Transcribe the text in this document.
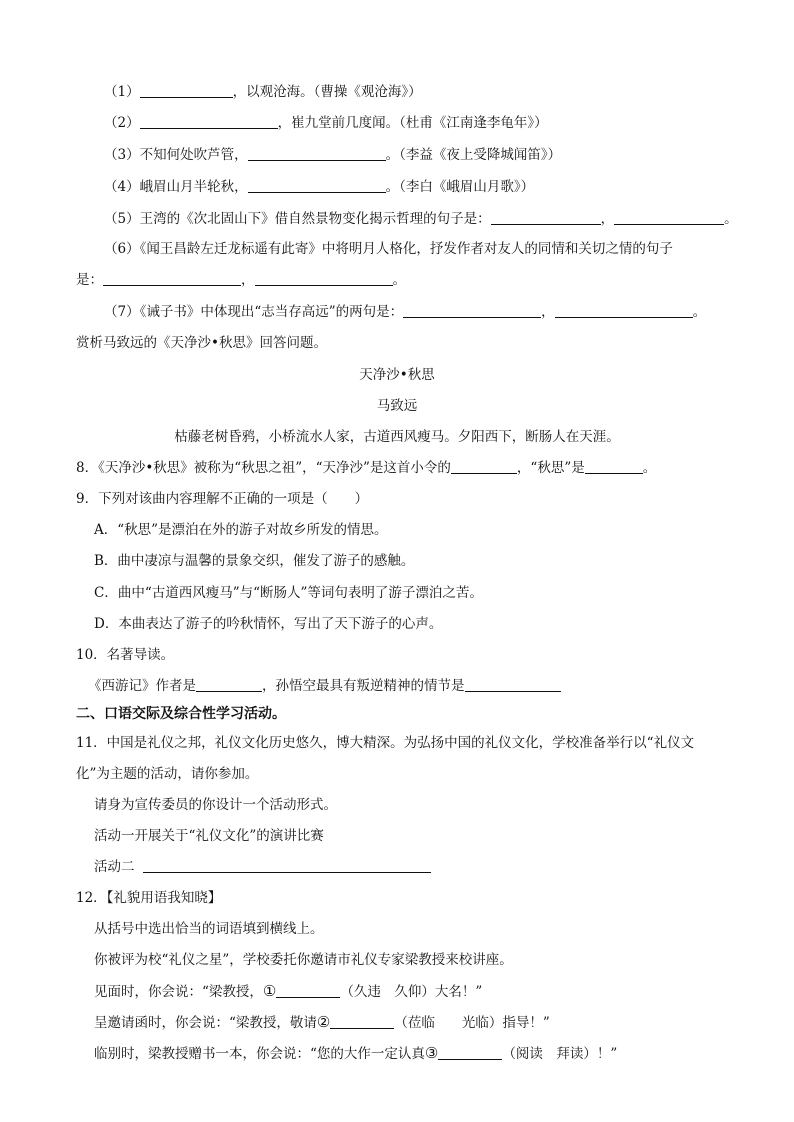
（1）	，以观沧海。（曹操《观沧海》）
（2）	，崔九堂前几度闻。（杜甫《江南逢李龟年》）
（3）不知何处吹芦管，	。（李益《夜上受降城闻笛》）
（4）峨眉山月半轮秋，	。（李白《峨眉山月歌》）
（5）王湾的《次北固山下》借自然景物变化揭示哲理的句子是：	，	。
（6）《闻王昌龄左迁龙标遥有此寄》中将明月人格化，抒发作者对友人的同情和关切之情的句子
是：	，	。
（7）《诫子书》中体现出“志当存高远”的两句是：	，	。
赏析马致远的《天净沙•秋思》回答问题。
天净沙•秋思
马致远
枯藤老树昏鸦，小桥流水人家，古道西风瘦马。夕阳西下，断肠人在天涯。
8．《天净沙•秋思》被称为“秋思之祖”，“天净沙”是这首小令的	，“秋思”是	。
9．下列对该曲内容理解不正确的一项是（　　）
A．“秋思”是漂泊在外的游子对故乡所发的情思。
B．曲中凄凉与温馨的景象交织，催发了游子的感触。
C．曲中“古道西风瘦马”与“断肠人”等词句表明了游子漂泊之苦。
D．本曲表达了游子的吟秋情怀，写出了天下游子的心声。
10．名著导读。
《西游记》作者是	，孙悟空最具有叛逆精神的情节是
二、口语交际及综合性学习活动。
11．中国是礼仪之邦，礼仪文化历史悠久，博大精深。为弘扬中国的礼仪文化，学校准备举行以“礼仪文
化”为主题的活动，请你参加。
请身为宣传委员的你设计一个活动形式。
活动一开展关于“礼仪文化”的演讲比赛
活动二
12．【礼貌用语我知晓】
从括号中选出恰当的词语填到横线上。
你被评为校“礼仪之星”，学校委托你邀请市礼仪专家梁教授来校讲座。
见面时，你会说：“梁教授，①	（久违　久仰）大名！”
呈邀请函时，你会说：“梁教授，敬请②	（莅临　　光临）指导！”
临别时，梁教授赠书一本，你会说：“您的大作一定认真③	（阅读　拜读）！”
